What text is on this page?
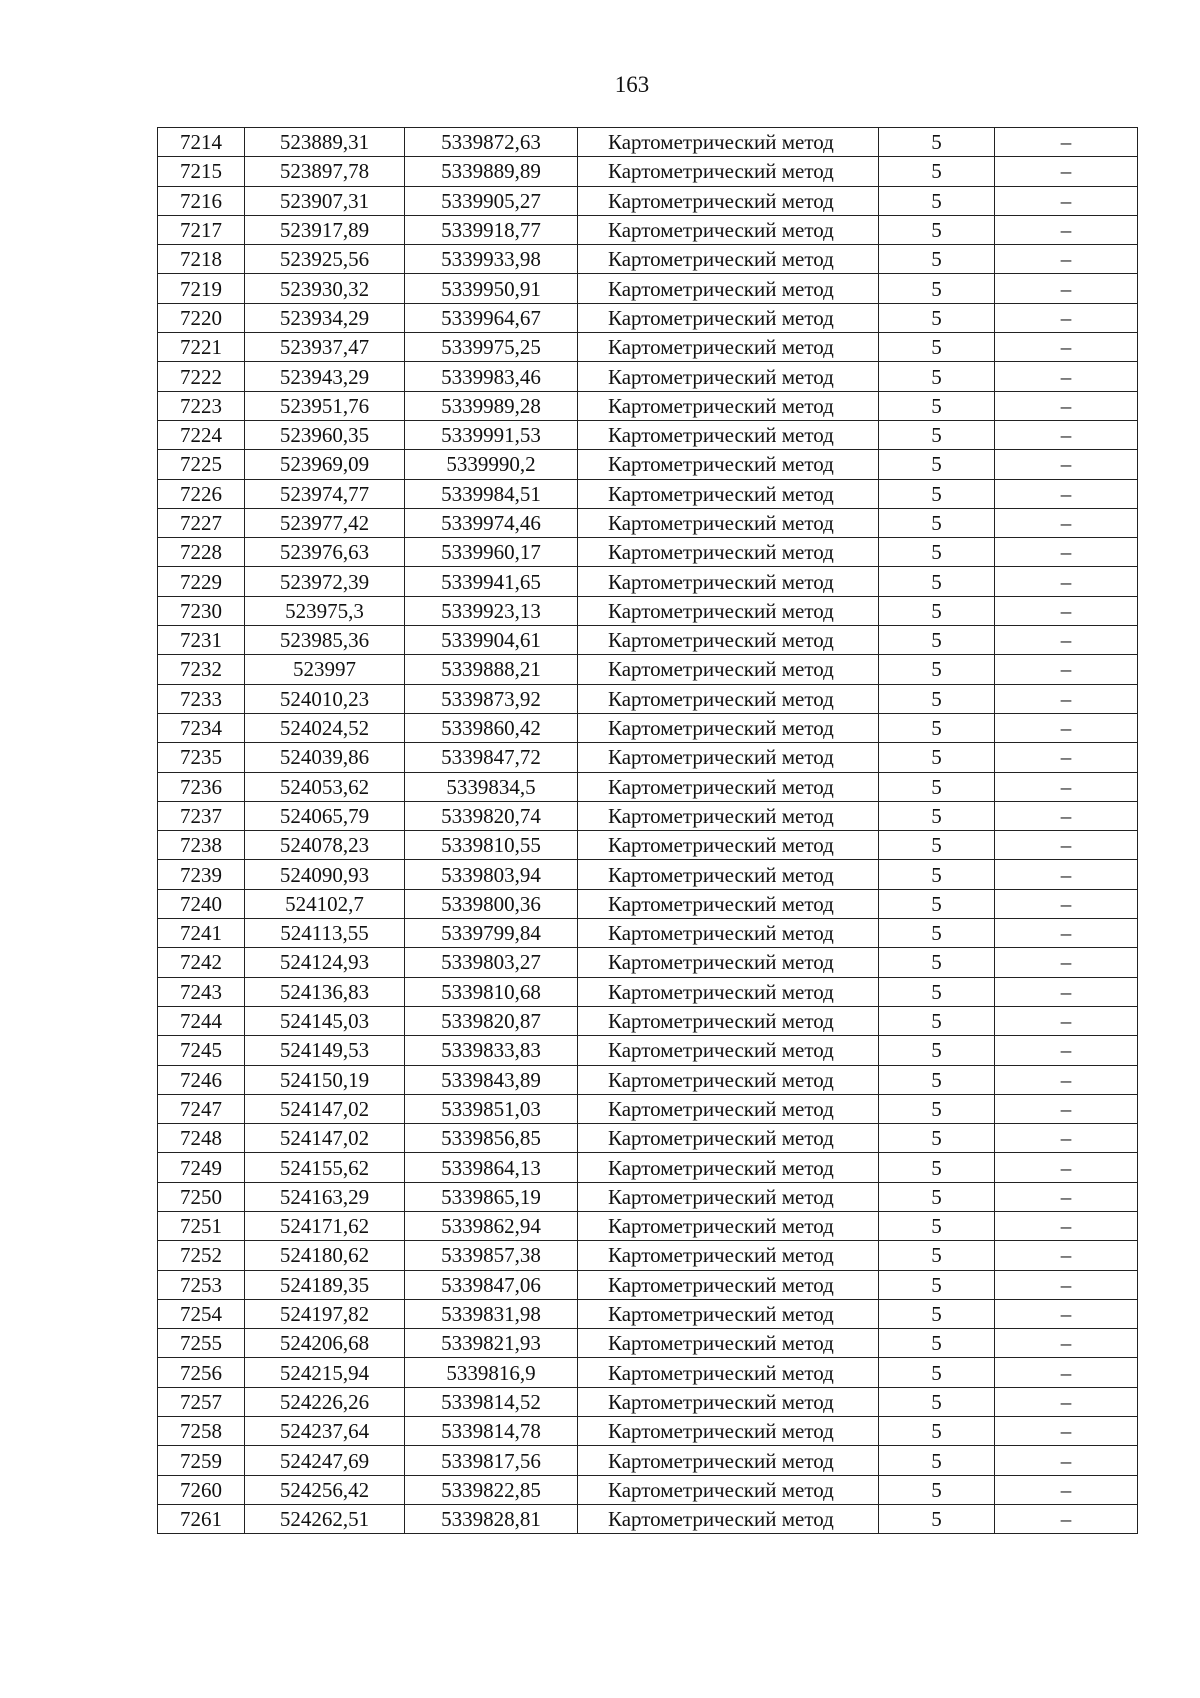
163
7214	523889,31	5339872,63	Картометрический метод	5	–
7215	523897,78	5339889,89	Картометрический метод	5	–
7216	523907,31	5339905,27	Картометрический метод	5	–
7217	523917,89	5339918,77	Картометрический метод	5	–
7218	523925,56	5339933,98	Картометрический метод	5	–
7219	523930,32	5339950,91	Картометрический метод	5	–
7220	523934,29	5339964,67	Картометрический метод	5	–
7221	523937,47	5339975,25	Картометрический метод	5	–
7222	523943,29	5339983,46	Картометрический метод	5	–
7223	523951,76	5339989,28	Картометрический метод	5	–
7224	523960,35	5339991,53	Картометрический метод	5	–
7225	523969,09	5339990,2	Картометрический метод	5	–
7226	523974,77	5339984,51	Картометрический метод	5	–
7227	523977,42	5339974,46	Картометрический метод	5	–
7228	523976,63	5339960,17	Картометрический метод	5	–
7229	523972,39	5339941,65	Картометрический метод	5	–
7230	523975,3	5339923,13	Картометрический метод	5	–
7231	523985,36	5339904,61	Картометрический метод	5	–
7232	523997	5339888,21	Картометрический метод	5	–
7233	524010,23	5339873,92	Картометрический метод	5	–
7234	524024,52	5339860,42	Картометрический метод	5	–
7235	524039,86	5339847,72	Картометрический метод	5	–
7236	524053,62	5339834,5	Картометрический метод	5	–
7237	524065,79	5339820,74	Картометрический метод	5	–
7238	524078,23	5339810,55	Картометрический метод	5	–
7239	524090,93	5339803,94	Картометрический метод	5	–
7240	524102,7	5339800,36	Картометрический метод	5	–
7241	524113,55	5339799,84	Картометрический метод	5	–
7242	524124,93	5339803,27	Картометрический метод	5	–
7243	524136,83	5339810,68	Картометрический метод	5	–
7244	524145,03	5339820,87	Картометрический метод	5	–
7245	524149,53	5339833,83	Картометрический метод	5	–
7246	524150,19	5339843,89	Картометрический метод	5	–
7247	524147,02	5339851,03	Картометрический метод	5	–
7248	524147,02	5339856,85	Картометрический метод	5	–
7249	524155,62	5339864,13	Картометрический метод	5	–
7250	524163,29	5339865,19	Картометрический метод	5	–
7251	524171,62	5339862,94	Картометрический метод	5	–
7252	524180,62	5339857,38	Картометрический метод	5	–
7253	524189,35	5339847,06	Картометрический метод	5	–
7254	524197,82	5339831,98	Картометрический метод	5	–
7255	524206,68	5339821,93	Картометрический метод	5	–
7256	524215,94	5339816,9	Картометрический метод	5	–
7257	524226,26	5339814,52	Картометрический метод	5	–
7258	524237,64	5339814,78	Картометрический метод	5	–
7259	524247,69	5339817,56	Картометрический метод	5	–
7260	524256,42	5339822,85	Картометрический метод	5	–
7261	524262,51	5339828,81	Картометрический метод	5	–
